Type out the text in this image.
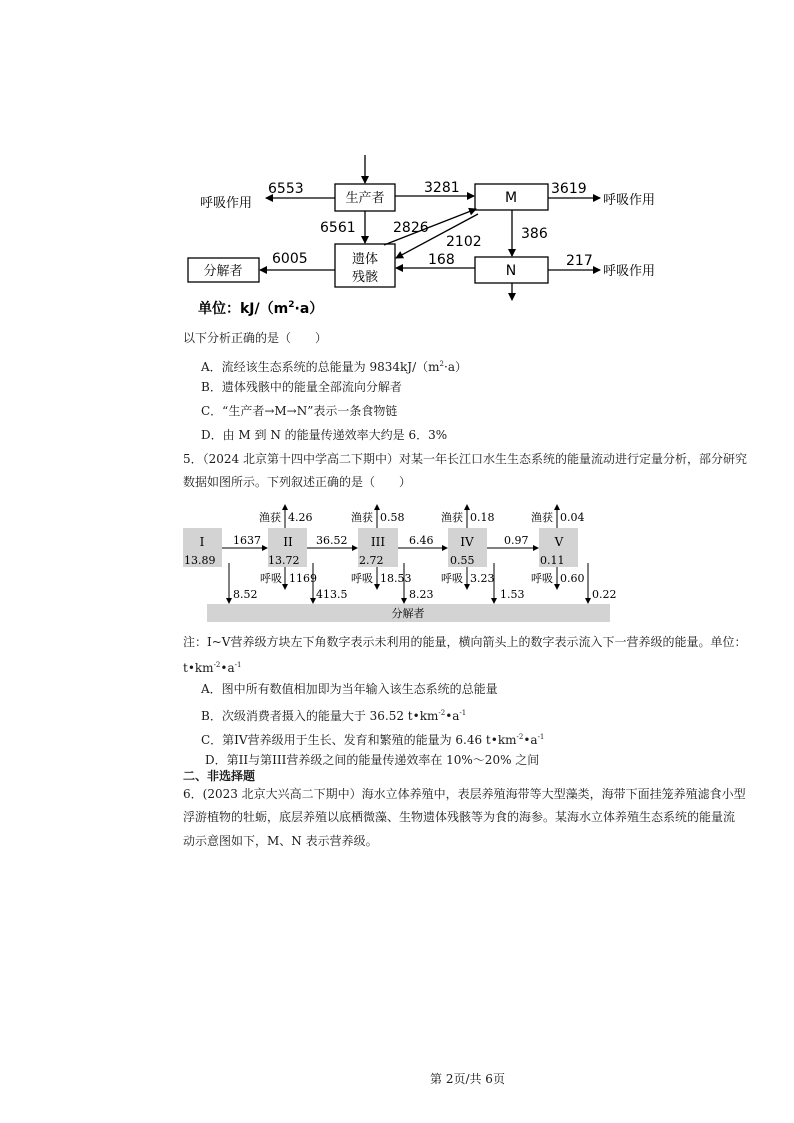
生产者	M
N
遗体
残骸
分解者
呼吸作用	呼吸作用
呼吸作用
6553	3281	3619
6561	2826
2102	386
6005	168	217
单位：$kJ/(m^2\cdot a)$
以下分析正确的是（　　）
A．流经该生态系统的总能量为 $9834kJ/(m^2\cdot a)$
B．遗体残骸中的能量全部流向分解者
C．“生产者→M→N”表示一条食物链
D．由 M 到 N 的能量传递效率大约是 6．3%
5．（2024 北京第十四中学高二下期中）对某一年长江口水生生态系统的能量流动进行定量分析，部分研究
数据如图所示。下列叙述正确的是（　　）
分解者
I	II	III	IV	V
13.89	13.72	2.72	0.55	0.11
1637	36.52	6.46	0.97
渔获 4.26	渔获 0.58	渔获 0.18	渔获 0.04
呼吸 1169	呼吸 18.53	呼吸 3.23	呼吸 0.60
8.52	413.5	8.23	1.53	0.22
注：I~V营养级方块左下角数字表示未利用的能量，横向箭头上的数字表示流入下一营养级的能量。单位：
$t•km^{-2}•a^{-1}$
A．图中所有数值相加即为当年输入该生态系统的总能量
B．次级消费者摄入的能量大于 36.52 $t•km^{-2}•a^{-1}$
C．第IV营养级用于生长、发育和繁殖的能量为 6.46 $t•km^{-2}•a^{-1}$
D．第II与第III营养级之间的能量传递效率在 10%～20% 之间
二、非选择题
6．(2023 北京大兴高二下期中）海水立体养殖中，表层养殖海带等大型藻类，海带下面挂笼养殖滤食小型
浮游植物的牡蛎，底层养殖以底栖微藻、生物遗体残骸等为食的海参。某海水立体养殖生态系统的能量流
动示意图如下，M、N 表示营养级。
第 2页/共 6页
